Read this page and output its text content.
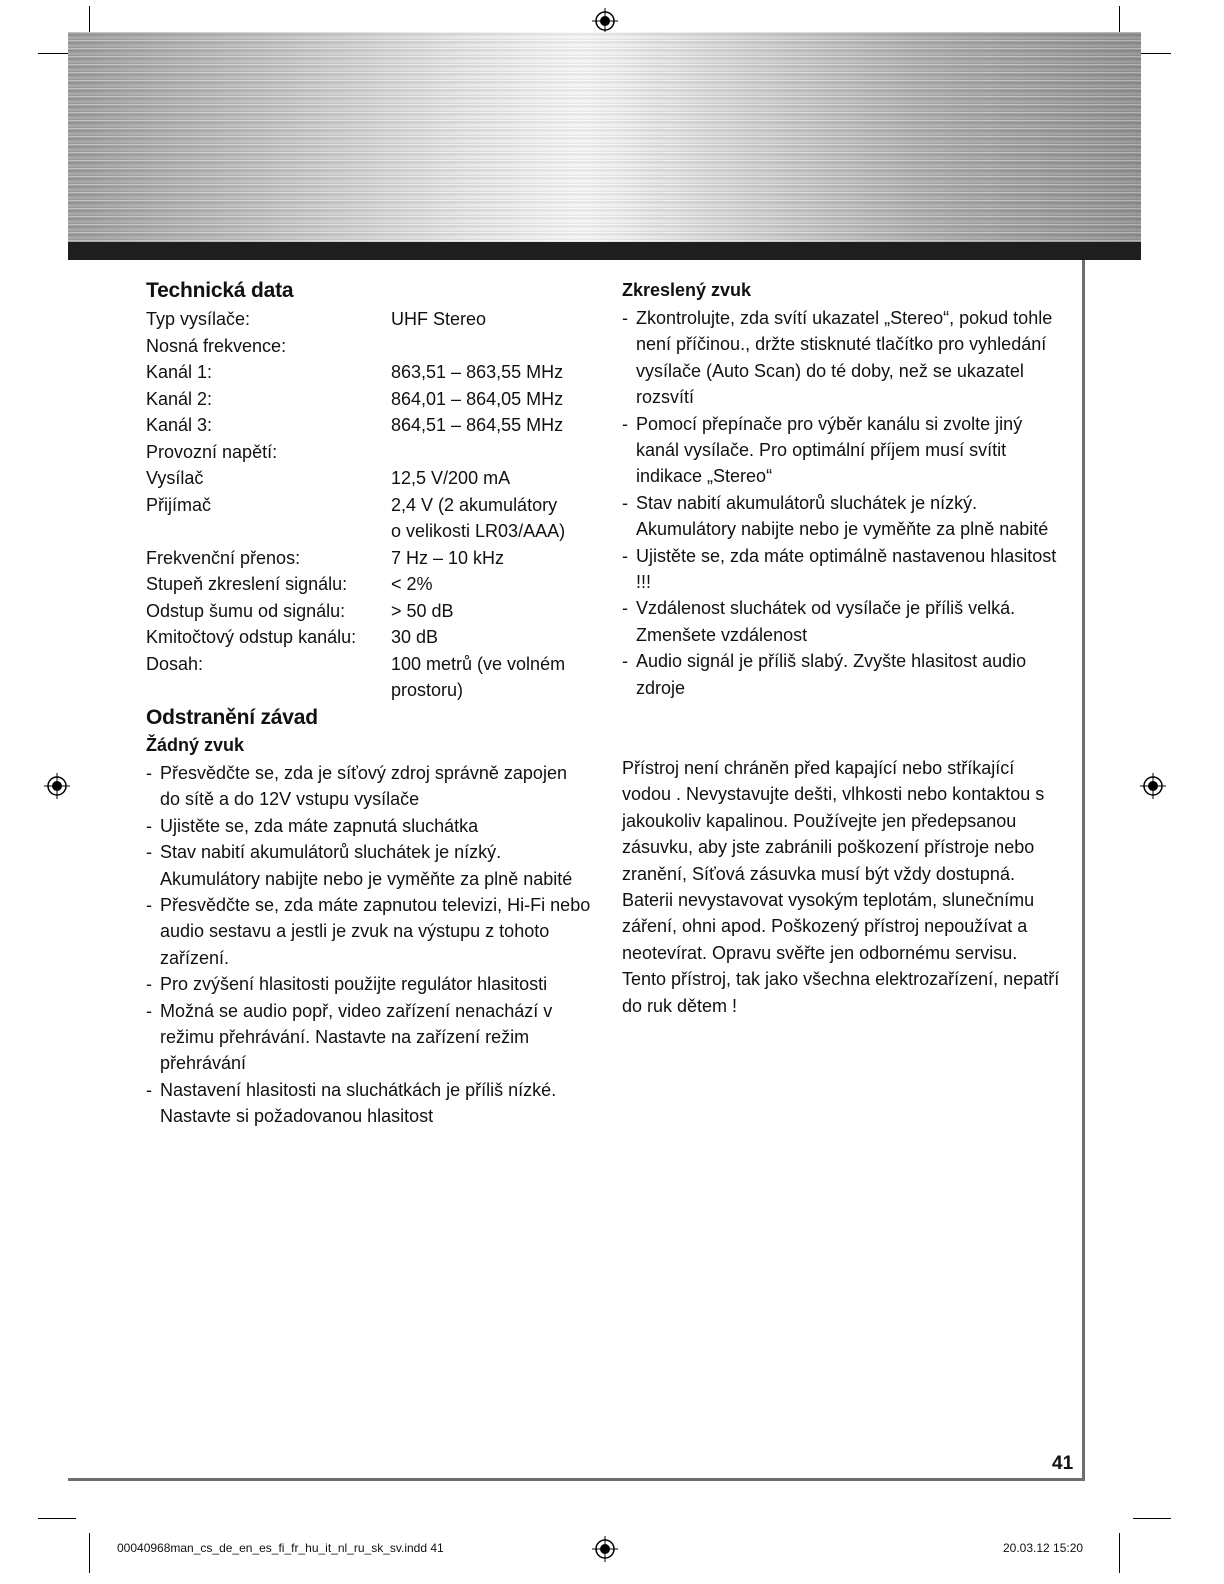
Technická data
Typ vysílače:	UHF Stereo
Nosná frekvence:	
Kanál 1:	863,51 – 863,55 MHz
Kanál 2:	864,01 – 864,05 MHz
Kanál 3:	864,51 – 864,55 MHz
Provozní napětí:	
Vysílač	12,5 V/200 mA
Přijímač	2,4 V (2 akumulátory
	o velikosti LR03/AAA)
Frekvenční přenos:	7 Hz – 10 kHz
Stupeň zkreslení signálu:	< 2%
Odstup šumu od signálu:	> 50 dB
Kmitočtový odstup kanálu:	30 dB
Dosah:	100 metrů (ve volném
	prostoru)
Odstranění závad
Žádný zvuk
- Přesvědčte se, zda je síťový zdroj správně zapojen do sítě a do 12V vstupu vysílače
- Ujistěte se, zda máte zapnutá sluchátka
- Stav nabití akumulátorů sluchátek je nízký. Akumulátory nabijte nebo je vyměňte za plně nabité
- Přesvědčte se, zda máte zapnutou televizi, Hi-Fi nebo audio sestavu a jestli je zvuk na výstupu z tohoto zařízení.
- Pro zvýšení hlasitosti použijte regulátor hlasitosti
- Možná se audio popř, video zařízení nenachází v režimu přehrávání. Nastavte na zařízení režim přehrávání
- Nastavení hlasitosti na sluchátkách je příliš nízké. Nastavte si požadovanou hlasitost
Zkreslený zvuk
- Zkontrolujte, zda svítí ukazatel „Stereo“, pokud tohle není příčinou., držte stisknuté tlačítko pro vyhledání vysílače (Auto Scan) do té doby, než se ukazatel rozsvítí
- Pomocí přepínače pro výběr kanálu si zvolte jiný kanál vysílače. Pro optimální příjem musí svítit indikace „Stereo“
- Stav nabití akumulátorů sluchátek je nízký. Akumulátory nabijte nebo je vyměňte za plně nabité
- Ujistěte se, zda máte optimálně nastavenou hlasitost !!!
- Vzdálenost sluchátek od vysílače je příliš velká. Zmenšete vzdálenost
- Audio signál je příliš slabý. Zvyšte hlasitost audio zdroje

Přístroj není chráněn před kapající nebo stříkající vodou . Nevystavujte dešti, vlhkosti nebo kontaktou s jakoukoliv kapalinou. Používejte jen předepsanou zásuvku, aby jste zabránili poškození přístroje nebo zranění, Síťová zásuvka musí být vždy dostupná. Baterii nevystavovat vysokým teplotám, slunečnímu záření, ohni apod. Poškozený přístroj nepoužívat a neotevírat. Opravu svěřte jen odbornému servisu. Tento přístroj, tak jako všechna elektrozařízení, nepatří do ruk dětem !

41
00040968man_cs_de_en_es_fi_fr_hu_it_nl_ru_sk_sv.indd 41	20.03.12 15:20
